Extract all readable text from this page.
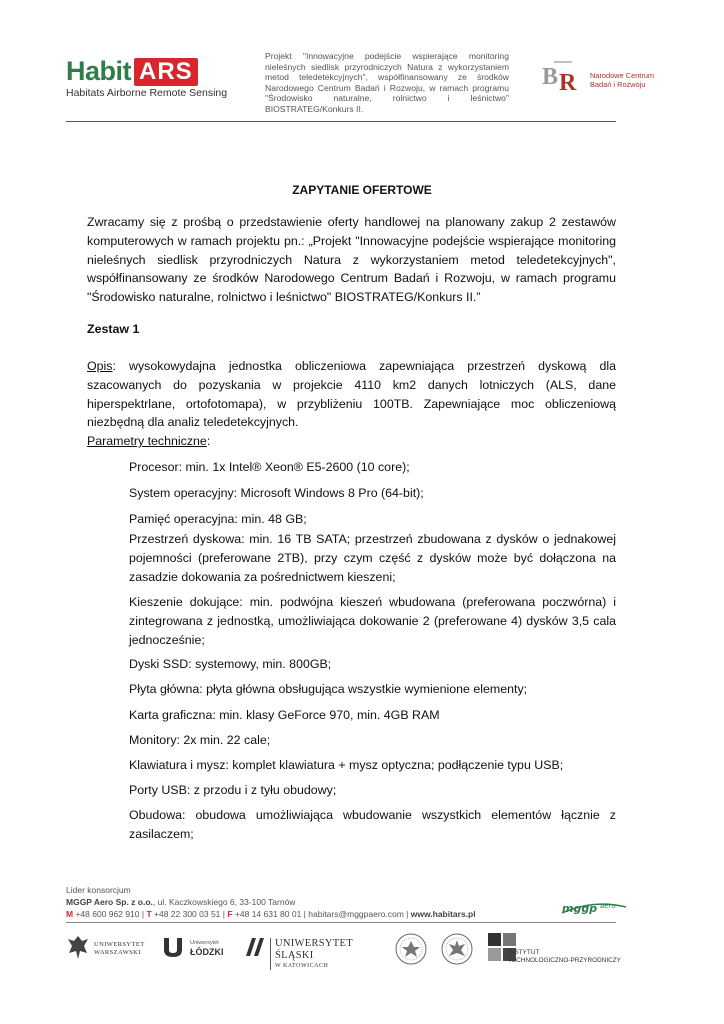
Habit ARS
Habitats Airborne Remote Sensing
Projekt "Innowacyjne podejście wspierające monitoring nieleśnych siedlisk przyrodniczych Natura z wykorzystaniem metod teledetekcyjnych", współfinansowany ze środków Narodowego Centrum Badań i Rozwoju, w ramach programu "Środowisko naturalne, rolnictwo i leśnictwo" BIOSTRATEG/Konkurs II.
B R Narodowe Centrum
Badań i Rozwoju
ZAPYTANIE OFERTOWE
Zwracamy się z prośbą o przedstawienie oferty handlowej na planowany zakup 2 zestawów komputerowych w ramach projektu pn.: „Projekt "Innowacyjne podejście wspierające monitoring nieleśnych siedlisk przyrodniczych Natura z wykorzystaniem metod teledetekcyjnych", współfinansowany ze środków Narodowego Centrum Badań i Rozwoju, w ramach programu "Środowisko naturalne, rolnictwo i leśnictwo" BIOSTRATEG/Konkurs II.”
Zestaw 1
Opis: wysokowydajna jednostka obliczeniowa zapewniająca przestrzeń dyskową dla szacowanych do pozyskania w projekcie 4110 km2 danych lotniczych (ALS, dane hiperspektrlane, ortofotomapa), w przybliżeniu 100TB. Zapewniające moc obliczeniową niezbędną dla analiz teledetekcyjnych.
Parametry techniczne:
Procesor: min. 1x Intel® Xeon® E5-2600 (10 core);
System operacyjny: Microsoft Windows 8 Pro (64-bit);
Pamięć operacyjna: min. 48 GB;
Przestrzeń dyskowa: min. 16 TB SATA; przestrzeń zbudowana z dysków o jednakowej pojemności (preferowane 2TB), przy czym część z dysków może być dołączona na zasadzie dokowania za pośrednictwem kieszeni;
Kieszenie dokujące: min. podwójna kieszeń wbudowana (preferowana poczwórna) i zintegrowana z jednostką, umożliwiająca dokowanie 2 (preferowane 4) dysków 3,5 cala jednocześnie;
Dyski SSD: systemowy, min. 800GB;
Płyta główna: płyta główna obsługująca wszystkie wymienione elementy;
Karta graficzna: min. klasy GeForce 970, min. 4GB RAM
Monitory: 2x min. 22 cale;
Klawiatura i mysz: komplet klawiatura + mysz optyczna; podłączenie typu USB;
Porty USB: z przodu i z tyłu obudowy;
Obudowa: obudowa umożliwiająca wbudowanie wszystkich elementów łącznie z zasilaczem;
Lider konsorcjum
MGGP Aero Sp. z o.o., ul. Kaczkowskiego 6, 33-100 Tarnów
M +48 600 962 910 | T +48 22 300 03 51 | F +48 14 631 80 01 | habitars@mggpaero.com | www.habitars.pl	mggp aero
UNIWERSYTET
WARSZAWSKI
Uniwersytet
ŁÓDZKI
UNIWERSYTET ŚLĄSKI
W KATOWICACH
INSTYTUT
TECHNOLOGICZNO-PRZYRODNICZY
